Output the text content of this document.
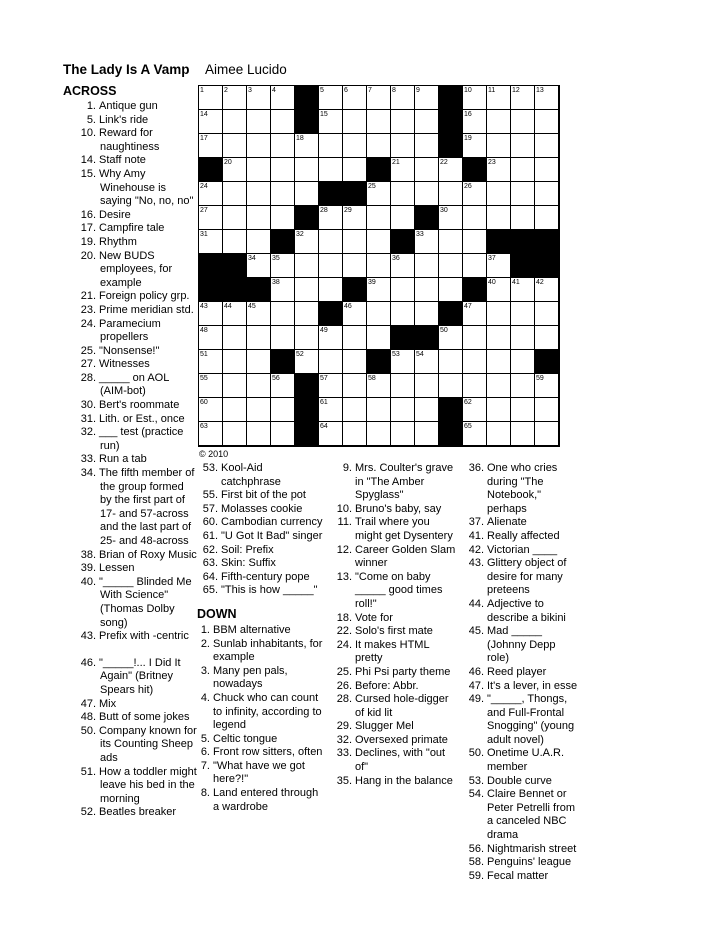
The Lady Is A Vamp Aimee Lucido
ACROSS
1. Antique gun
5. Link's ride
10. Reward for naughtiness
14. Staff note
15. Why Amy Winehouse is saying "No, no, no"
16. Desire
17. Campfire tale
19. Rhythm
20. New BUDS employees, for example
21. Foreign policy grp.
23. Prime meridian std.
24. Paramecium propellers
25. "Nonsense!"
27. Witnesses
28. _____ on AOL (AIM-bot)
30. Bert's roommate
31. Lith. or Est., once
32. ___ test (practice run)
33. Run a tab
34. The fifth member of the group formed by the first part of 17- and 57-across and the last part of 25- and 48-across
38. Brian of Roxy Music
39. Lessen
40. "_____ Blinded Me With Science" (Thomas Dolby song)
43. Prefix with -centric
46. "_____!... I Did It Again" (Britney Spears hit)
47. Mix
48. Butt of some jokes
50. Company known for its Counting Sheep ads
51. How a toddler might leave his bed in the morning
52. Beatles breaker
1	2	3	4	5	6	7	8	9	10 11 12 13
14	15	16
17	18	19
20	21	22	23
24	25	26
27	28 29	30
31	32	33
34 35	36	37
38	39	40 41 42
43 44 45	46	47
48	49	50
51	52	53 54
55	56	57	58	59
60	61	62
63	64	65
© 2010
53. Kool-Aid catchphrase
55. First bit of the pot
57. Molasses cookie
60. Cambodian currency
61. "U Got It Bad" singer
62. Soil: Prefix
63. Skin: Suffix
64. Fifth-century pope
65. "This is how _____"
DOWN
1. BBM alternative
2. Sunlab inhabitants, for example
3. Many pen pals, nowadays
4. Chuck who can count to infinity, according to legend
5. Celtic tongue
6. Front row sitters, often
7. "What have we got here?!"
8. Land entered through a wardrobe
9. Mrs. Coulter's grave in "The Amber Spyglass"
10. Bruno's baby, say
11. Trail where you might get Dysentery
12. Career Golden Slam winner
13. "Come on baby _____ good times roll!"
18. Vote for
22. Solo's first mate
24. It makes HTML pretty
25. Phi Psi party theme
26. Before: Abbr.
28. Cursed hole-digger of kid lit
29. Slugger Mel
32. Oversexed primate
33. Declines, with "out of"
35. Hang in the balance
36. One who cries during "The Notebook," perhaps
37. Alienate
41. Really affected
42. Victorian ____
43. Glittery object of desire for many preteens
44. Adjective to describe a bikini
45. Mad _____ (Johnny Depp role)
46. Reed player
47. It's a lever, in esse
49. "_____, Thongs, and Full-Frontal Snogging" (young adult novel)
50. Onetime U.A.R. member
53. Double curve
54. Claire Bennet or Peter Petrelli from a canceled NBC drama
56. Nightmarish street
58. Penguins' league
59. Fecal matter
